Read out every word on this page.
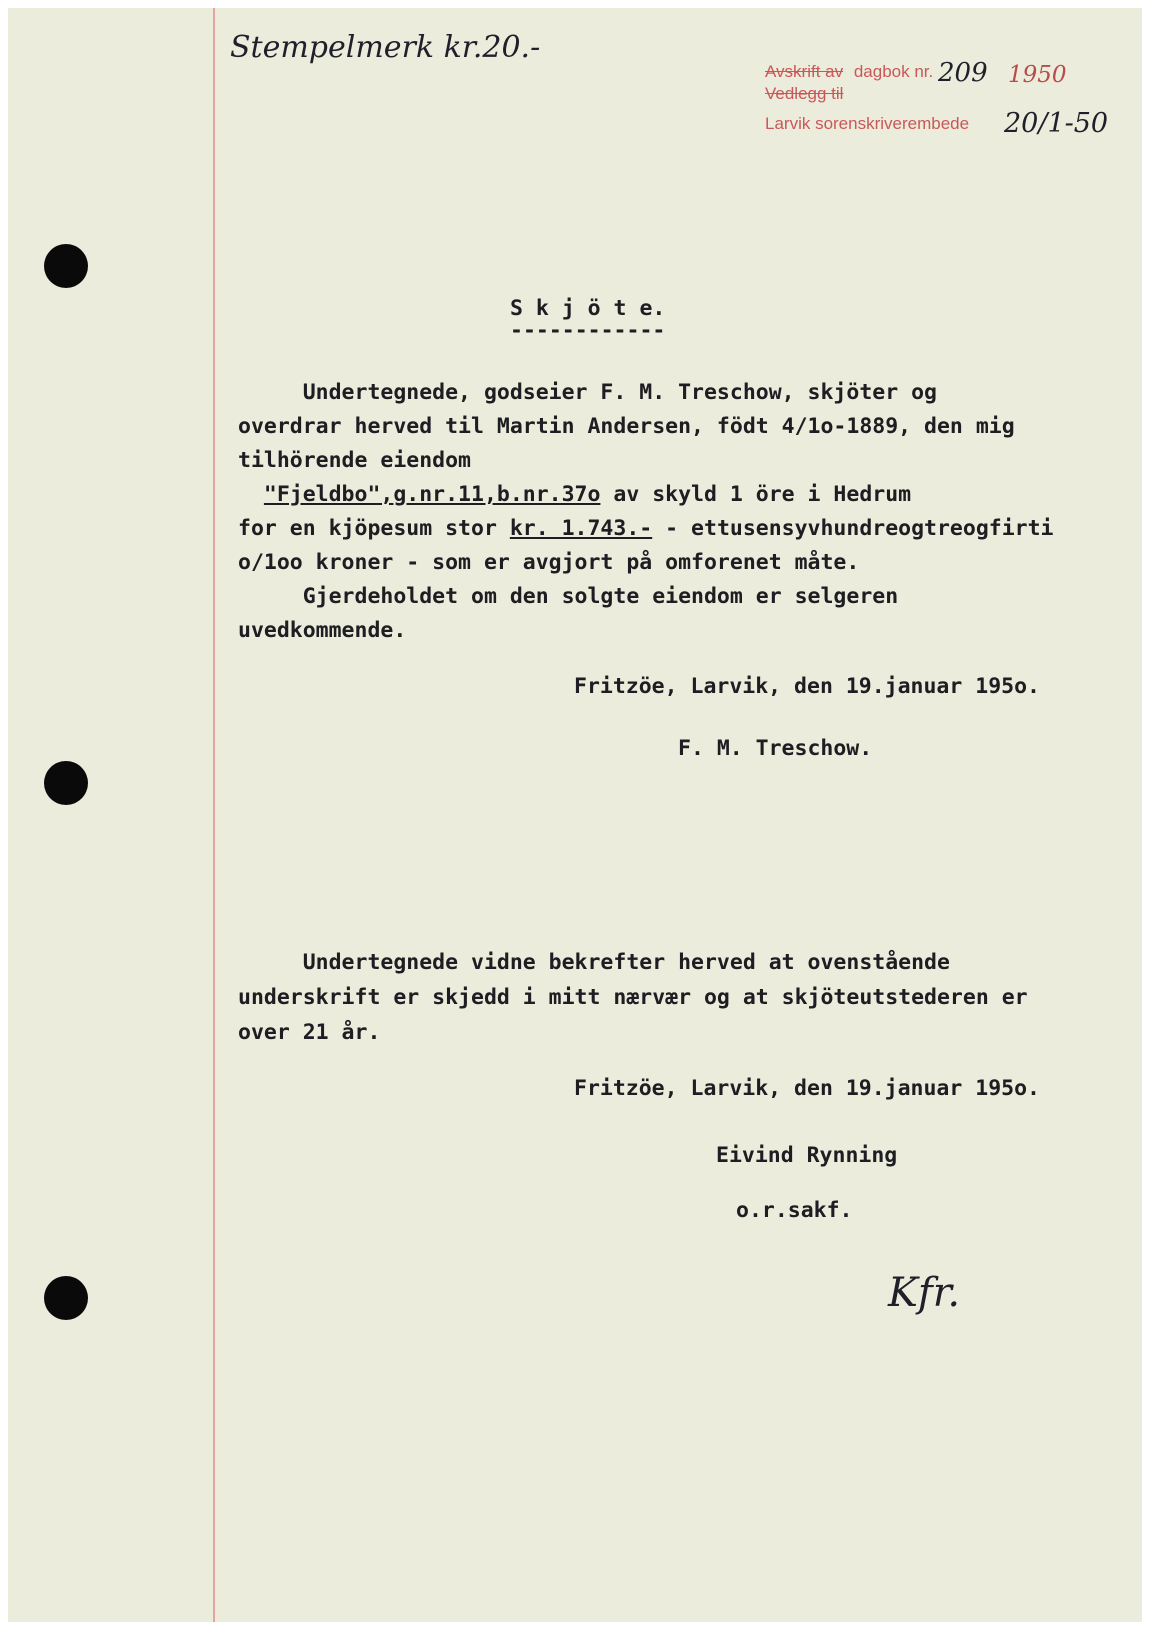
Stempelmerk kr.20.-
Avskrift av dagbok nr. 209 1950
Vedlegg til
Larvik sorenskriverembede 20/1-50
S k j ö t e.
------------
Undertegnede, godseier F. M. Treschow, skjöter og
overdrar herved til Martin Andersen, födt 4/1o-1889, den mig
tilhörende eiendom
"Fjeldbo",g.nr.11,b.nr.37o av skyld 1 öre i Hedrum
for en kjöpesum stor kr. 1.743.- - ettusensyvhundreogtreogfirti
o/1oo kroner - som er avgjort på omforenet måte.
Gjerdeholdet om den solgte eiendom er selgeren
uvedkommende.
Fritzöe, Larvik, den 19.januar 195o.
F. M. Treschow.
Undertegnede vidne bekrefter herved at ovenstående
underskrift er skjedd i mitt nærvær og at skjöteutstederen er
over 21 år.
Fritzöe, Larvik, den 19.januar 195o.
Eivind Rynning
o.r.sakf.
Kfr.
